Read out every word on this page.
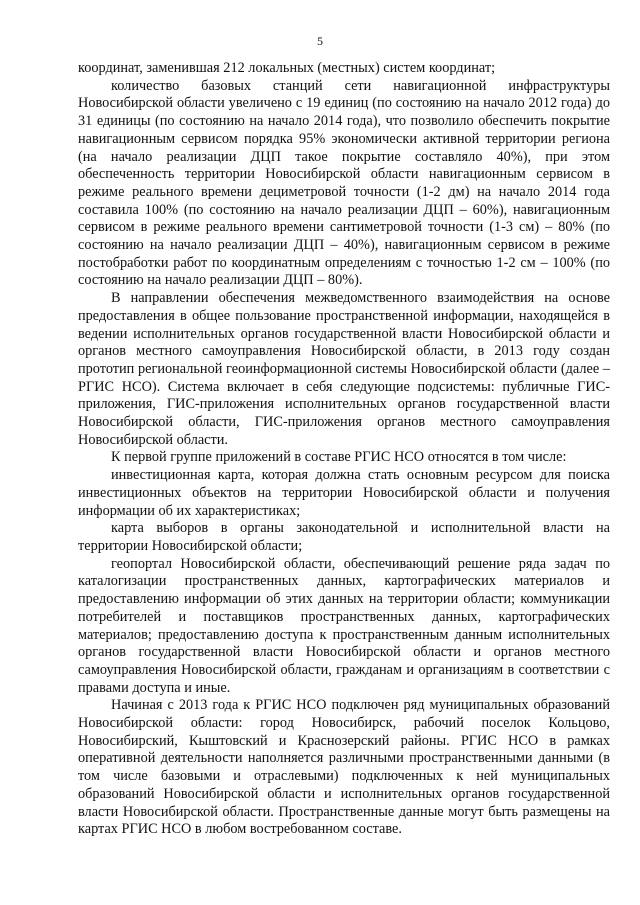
5

координат, заменившая 212 локальных (местных) систем координат;

количество базовых станций сети навигационной инфраструктуры Новосибирской области увеличено с 19 единиц (по состоянию на начало 2012 года) до 31 единицы (по состоянию на начало 2014 года), что позволило обеспечить покрытие навигационным сервисом порядка 95% экономически активной территории региона (на начало реализации ДЦП такое покрытие составляло 40%), при этом обеспеченность территории Новосибирской области навигационным сервисом в режиме реального времени дециметровой точности (1-2 дм) на начало 2014 года составила 100% (по состоянию на начало реализации ДЦП – 60%), навигационным сервисом в режиме реального времени сантиметровой точности (1-3 см) – 80% (по состоянию на начало реализации ДЦП – 40%), навигационным сервисом в режиме постобработки работ по координатным определениям с точностью 1-2 см – 100% (по состоянию на начало реализации ДЦП – 80%).

В направлении обеспечения межведомственного взаимодействия на основе предоставления в общее пользование пространственной информации, находящейся в ведении исполнительных органов государственной власти Новосибирской области и органов местного самоуправления Новосибирской области, в 2013 году создан прототип региональной геоинформационной системы Новосибирской области (далее – РГИС НСО). Система включает в себя следующие подсистемы: публичные ГИС-приложения, ГИС-приложения исполнительных органов государственной власти Новосибирской области, ГИС-приложения органов местного самоуправления Новосибирской области.

К первой группе приложений в составе РГИС НСО относятся в том числе:

инвестиционная карта, которая должна стать основным ресурсом для поиска инвестиционных объектов на территории Новосибирской области и получения информации об их характеристиках;

карта выборов в органы законодательной и исполнительной власти на территории Новосибирской области;

геопортал Новосибирской области, обеспечивающий решение ряда задач по каталогизации пространственных данных, картографических материалов и предоставлению информации об этих данных на территории области; коммуникации потребителей и поставщиков пространственных данных, картографических материалов; предоставлению доступа к пространственным данным исполнительных органов государственной власти Новосибирской области и органов местного самоуправления Новосибирской области, гражданам и организациям в соответствии с правами доступа и иные.

Начиная с 2013 года к РГИС НСО подключен ряд муниципальных образований Новосибирской области: город Новосибирск, рабочий поселок Кольцово, Новосибирский, Кыштовский и Краснозерский районы. РГИС НСО в рамках оперативной деятельности наполняется различными пространственными данными (в том числе базовыми и отраслевыми) подключенных к ней муниципальных образований Новосибирской области и исполнительных органов государственной власти Новосибирской области. Пространственные данные могут быть размещены на картах РГИС НСО в любом востребованном составе.
